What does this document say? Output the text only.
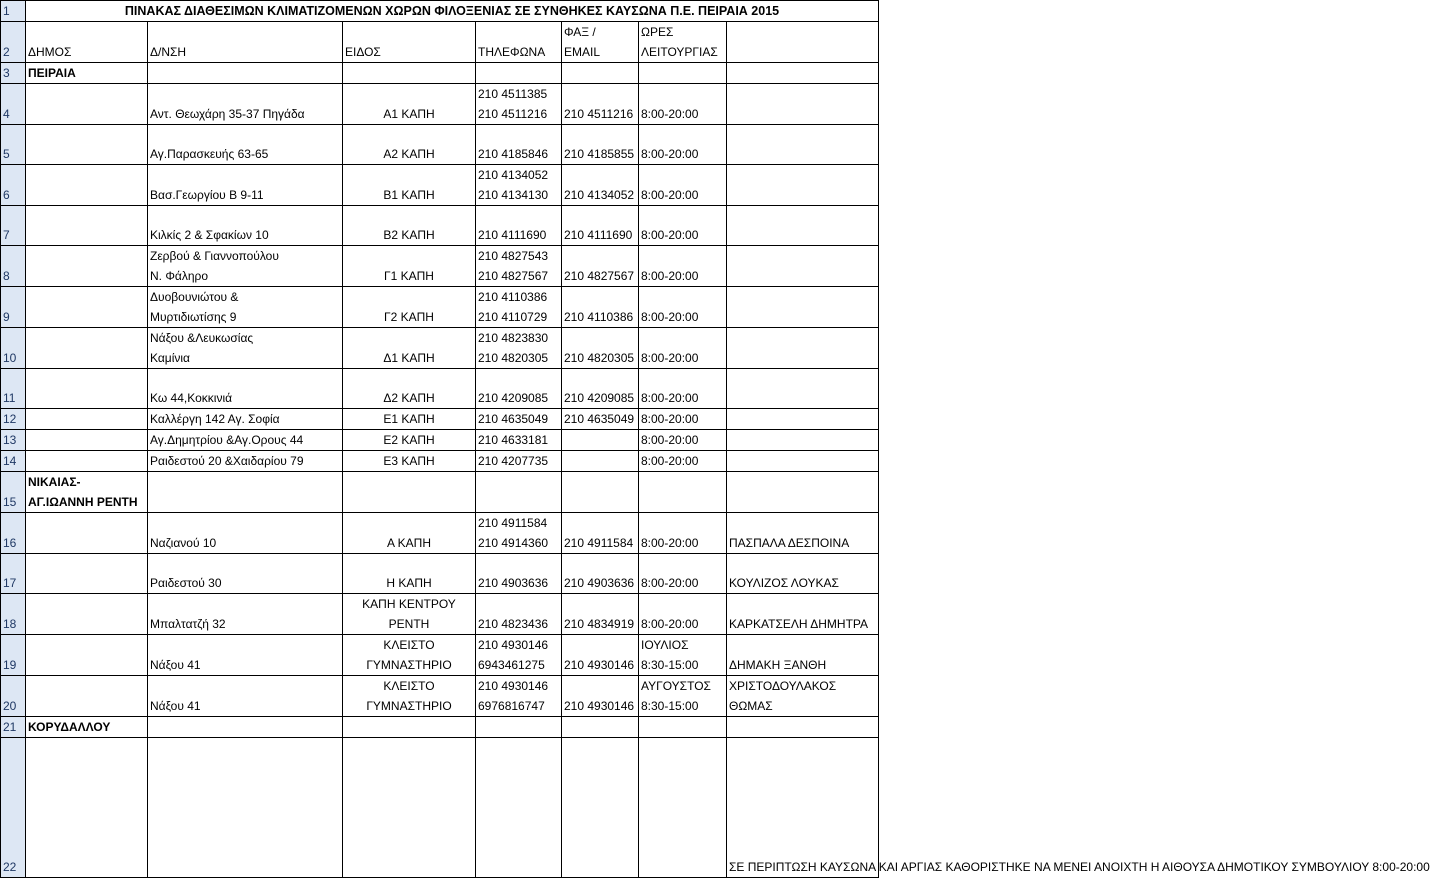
1	ΠΙΝΑΚΑΣ ΔΙΑΘΕΣΙΜΩΝ ΚΛΙΜΑΤΙΖΟΜΕΝΩΝ ΧΩΡΩΝ ΦΙΛΟΞΕΝΙΑΣ ΣΕ ΣΥΝΘΗΚΕΣ ΚΑΥΣΩΝΑ Π.Ε. ΠΕΙΡΑΙΑ 2015						
2	ΔΗΜΟΣ	Δ/ΝΣΗ	ΕΙΔΟΣ	ΤΗΛΕΦΩΝΑ	ΦΑΞ /
EMAIL	ΩΡΕΣ
ΛΕΙΤΟΥΡΓΙΑΣ	

3	ΠΕΙΡΑΙΑ						
4		Αντ. Θεωχάρη 35-37 Πηγάδα	Α1 ΚΑΠΗ	210 4511385
210 4511216	210 4511216	8:00-20:00	

5		Αγ.Παρασκευής 63-65	Α2 ΚΑΠΗ	210 4185846	210 4185855	8:00-20:00	

6		Βασ.Γεωργίου Β 9-11	Β1 ΚΑΠΗ	210 4134052
210 4134130	210 4134052	8:00-20:00	

7		Κιλκίς 2 & Σφακίων 10	Β2 ΚΑΠΗ	210 4111690	210 4111690	8:00-20:00	

8		Ζερβού & Γιαννοπούλου
Ν. Φάληρο	Γ1 ΚΑΠΗ	210 4827543
210 4827567	210 4827567	8:00-20:00	

9		Δυοβουνιώτου &
Μυρτιδιωτίσης 9	Γ2 ΚΑΠΗ	210 4110386
210 4110729	210 4110386	8:00-20:00	

10		Νάξου &Λευκωσίας
Καμίνια	Δ1 ΚΑΠΗ	210 4823830
210 4820305	210 4820305	8:00-20:00	

11		Κω 44,Κοκκινιά	Δ2 ΚΑΠΗ	210 4209085	210 4209085	8:00-20:00	

12		Καλλέργη 142 Αγ. Σοφία	Ε1 ΚΑΠΗ	210 4635049	210 4635049	8:00-20:00	
13		Αγ.Δημητρίου &Αγ.Ορους 44	Ε2 ΚΑΠΗ	210 4633181		8:00-20:00	
14		Ραιδεστού 20 &Χαιδαρίου 79	Ε3 ΚΑΠΗ	210 4207735		8:00-20:00	
15	ΝΙΚΑΙΑΣ-
ΑΓ.ΙΩΑΝΝΗ ΡΕΝΤΗ						

16		Ναζιανού 10	Α ΚΑΠΗ	210 4911584
210 4914360	210 4911584	8:00-20:00	ΠΑΣΠΑΛΑ ΔΕΣΠΟΙΝΑ

17		Ραιδεστού 30	Η ΚΑΠΗ	210 4903636	210 4903636	8:00-20:00	ΚΟΥΛΙΖΟΣ ΛΟΥΚΑΣ

18		Μπαλτατζή 32	ΚΑΠΗ ΚΕΝΤΡΟΥ
ΡΕΝΤΗ	210 4823436	210 4834919	8:00-20:00	ΚΑΡΚΑΤΣΕΛΗ ΔΗΜΗΤΡΑ

19		Νάξου 41	ΚΛΕΙΣΤΟ
ΓΥΜΝΑΣΤΗΡΙΟ	210 4930146
6943461275	210 4930146	ΙΟΥΛΙΟΣ
8:30-15:00	ΔΗΜΑΚΗ ΞΑΝΘΗ

20		Νάξου 41	ΚΛΕΙΣΤΟ
ΓΥΜΝΑΣΤΗΡΙΟ	210 4930146
6976816747	210 4930146	ΑΥΓΟΥΣΤΟΣ
8:30-15:00	ΧΡΙΣΤΟΔΟΥΛΑΚΟΣ
ΘΩΜΑΣ

21	ΚΟΡΥΔΑΛΛΟΥ						
22							ΣΕ ΠΕΡΙΠΤΩΣΗ ΚΑΥΣΩΝΑ ΚΑΙ ΑΡΓΙΑΣ ΚΑΘΟΡΙΣΤΗΚΕ ΝΑ ΜΕΝΕΙ ΑΝΟΙΧΤΗ Η ΑΙΘΟΥΣΑ ΔΗΜΟΤΙΚΟΥ ΣΥΜΒΟΥΛΙΟΥ 8:00-20:00
